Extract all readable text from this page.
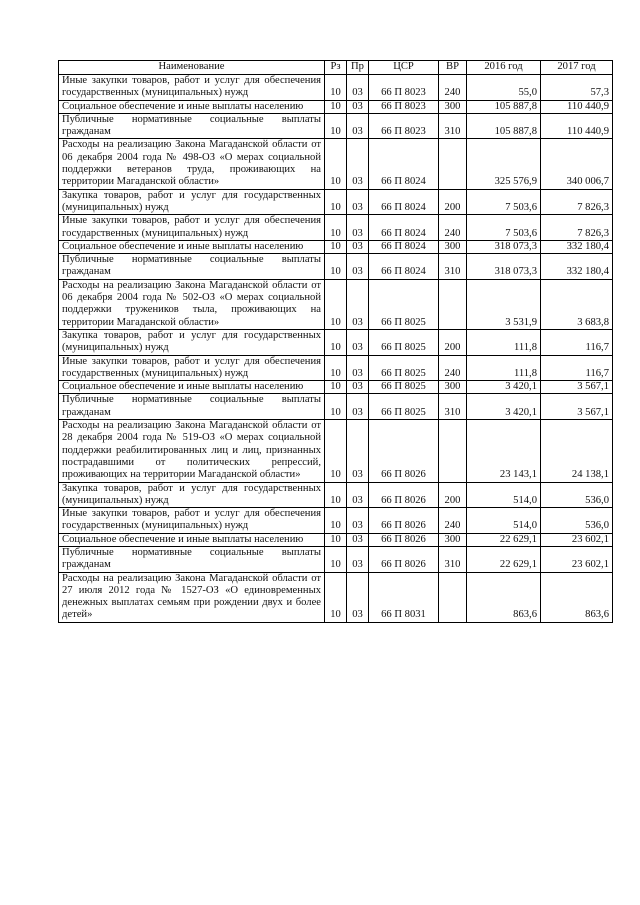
Наименование	Рз	Пр	ЦСР	ВР	2016 год	2017 год
Иные закупки товаров, работ и услуг для обеспечения государственных (муниципальных) нужд	10	03	66 П 8023	240	55,0	57,3
Социальное обеспечение и иные выплаты населению	10	03	66 П 8023	300	105 887,8	110 440,9
Публичные нормативные социальные выплаты гражданам	10	03	66 П 8023	310	105 887,8	110 440,9
Расходы на реализацию Закона Магаданской области от 06 декабря 2004 года № 498-ОЗ «О мерах социальной поддержки ветеранов труда, проживающих на территории Магаданской области»	10	03	66 П 8024		325 576,9	340 006,7
Закупка товаров, работ и услуг для государственных (муниципальных) нужд	10	03	66 П 8024	200	7 503,6	7 826,3
Иные закупки товаров, работ и услуг для обеспечения государственных (муниципальных) нужд	10	03	66 П 8024	240	7 503,6	7 826,3
Социальное обеспечение и иные выплаты населению	10	03	66 П 8024	300	318 073,3	332 180,4
Публичные нормативные социальные выплаты гражданам	10	03	66 П 8024	310	318 073,3	332 180,4
Расходы на реализацию Закона Магаданской области от 06 декабря 2004 года № 502-ОЗ «О мерах социальной поддержки тружеников тыла, проживающих на территории Магаданской области»	10	03	66 П 8025		3 531,9	3 683,8
Закупка товаров, работ и услуг для государственных (муниципальных) нужд	10	03	66 П 8025	200	111,8	116,7
Иные закупки товаров, работ и услуг для обеспечения государственных (муниципальных) нужд	10	03	66 П 8025	240	111,8	116,7
Социальное обеспечение и иные выплаты населению	10	03	66 П 8025	300	3 420,1	3 567,1
Публичные нормативные социальные выплаты гражданам	10	03	66 П 8025	310	3 420,1	3 567,1
Расходы на реализацию Закона Магаданской области от 28 декабря 2004 года № 519-ОЗ «О мерах социальной поддержки реабилитированных лиц и лиц, признанных пострадавшими от политических репрессий, проживающих на территории Магаданской области»	10	03	66 П 8026		23 143,1	24 138,1
Закупка товаров, работ и услуг для государственных (муниципальных) нужд	10	03	66 П 8026	200	514,0	536,0
Иные закупки товаров, работ и услуг для обеспечения государственных (муниципальных) нужд	10	03	66 П 8026	240	514,0	536,0
Социальное обеспечение и иные выплаты населению	10	03	66 П 8026	300	22 629,1	23 602,1
Публичные нормативные социальные выплаты гражданам	10	03	66 П 8026	310	22 629,1	23 602,1
Расходы на реализацию Закона Магаданской области от 27 июля 2012 года № 1527-ОЗ «О единовременных денежных выплатах семьям при рождении двух и более детей»	10	03	66 П 8031		863,6	863,6
